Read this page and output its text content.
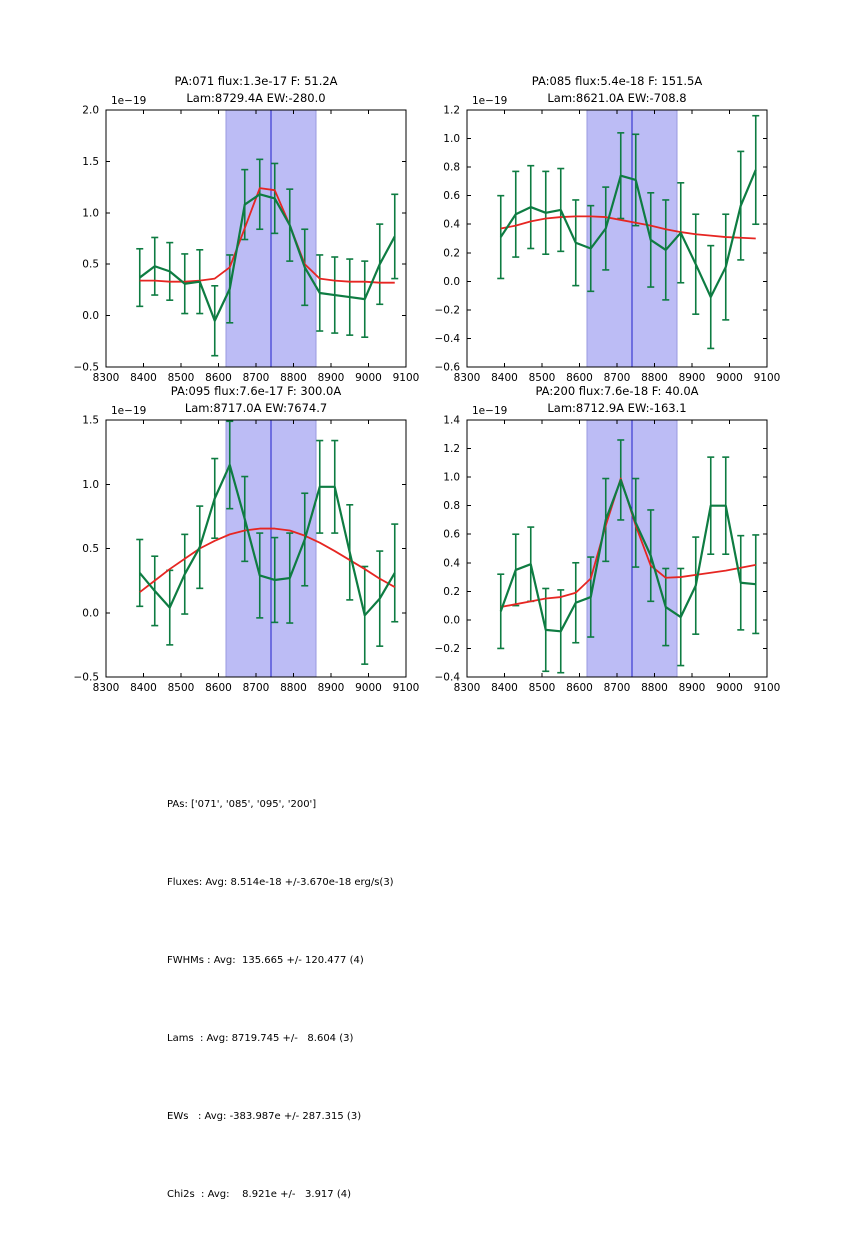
8300 8400 8500 8600 8700 8800 8900 9000 9100
−0.5
0.0
0.5
1.0
1.5
2.0
8300 8400 8500 8600 8700 8800 8900 9000 9100
−0.6
−0.4
−0.2
0.0
0.2
0.4
0.6
0.8
1.0
1.2
8300 8400 8500 8600 8700 8800 8900 9000 9100
−0.5
0.0
0.5
1.0
1.5
8300 8400 8500 8600 8700 8800 8900 9000 9100
−0.4
−0.2
0.0
0.2
0.4
0.6
0.8
1.0
1.2
1.4
PA:071 flux:1.3e-17 F: 51.2A
Lam:8729.4A EW:-280.0
PA:085 flux:5.4e-18 F: 151.5A
Lam:8621.0A EW:-708.8
PA:095 flux:7.6e-17 F: 300.0A
Lam:8717.0A EW:7674.7
PA:200 flux:7.6e-18 F: 40.0A
Lam:8712.9A EW:-163.1
1e−19	1e−19
1e−19	1e−19

PAs: ['071', '085', '095', '200']

Fluxes: Avg: 8.514e-18 +/-3.670e-18 erg/s(3)

FWHMs : Avg:  135.665 +/- 120.477 (4)

Lams  : Avg: 8719.745 +/-   8.604 (3)

EWs   : Avg: -383.987e +/- 287.315 (3)

Chi2s  : Avg:    8.921e +/-   3.917 (4)
